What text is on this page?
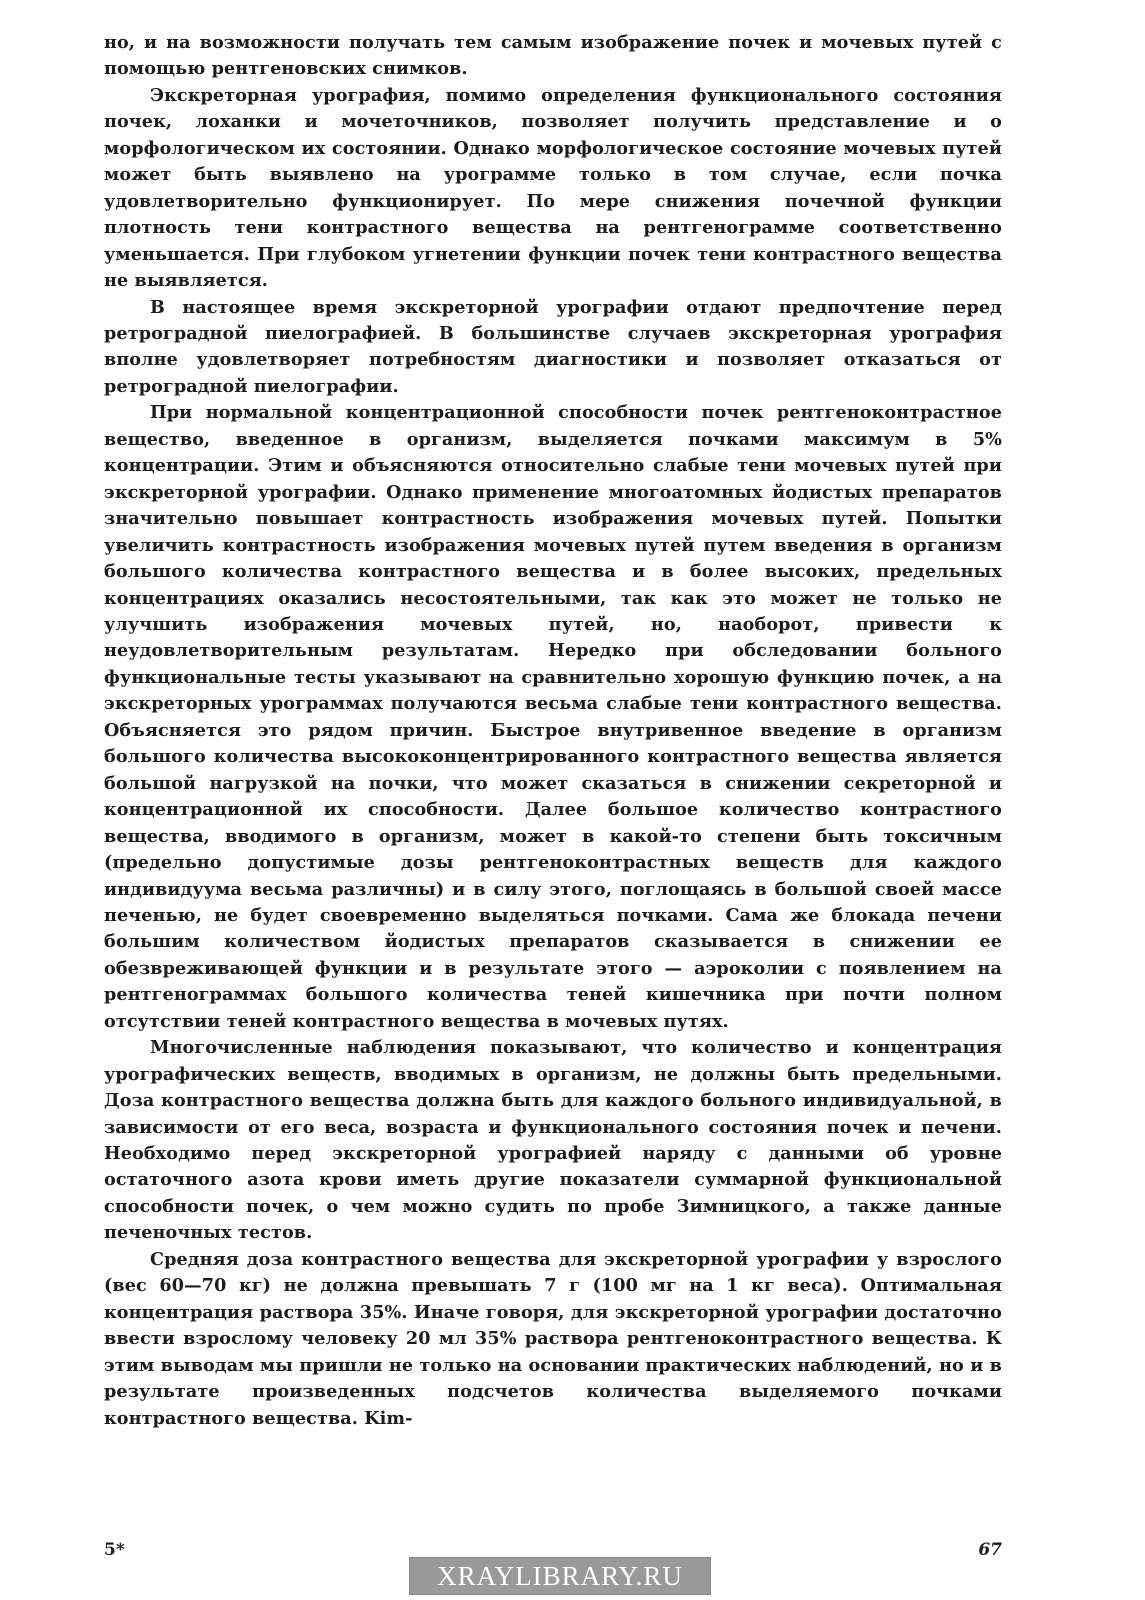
но, и на возможности получать тем самым изображение почек и мочевых путей с помощью рентгеновских снимков.

Экскреторная урография, помимо определения функционального состояния почек, лоханки и мочеточников, позволяет получить представление и о морфологическом их состоянии. Однако морфологическое состояние мочевых путей может быть выявлено на урограмме только в том случае, если почка удовлетворительно функционирует. По мере снижения почечной функции плотность тени контрастного вещества на рентгенограмме соответственно уменьшается. При глубоком угнетении функции почек тени контрастного вещества не выявляется.

В настоящее время экскреторной урографии отдают предпочтение перед ретроградной пиелографией. В большинстве случаев экскреторная урография вполне удовлетворяет потребностям диагностики и позволяет отказаться от ретроградной пиелографии.

При нормальной концентрационной способности почек рентгеноконтрастное вещество, введенное в организм, выделяется почками максимум в 5% концентрации. Этим и объясняются относительно слабые тени мочевых путей при экскреторной урографии. Однако применение многоатомных йодистых препаратов значительно повышает контрастность изображения мочевых путей. Попытки увеличить контрастность изображения мочевых путей путем введения в организм большого количества контрастного вещества и в более высоких, предельных концентрациях оказались несостоятельными, так как это может не только не улучшить изображения мочевых путей, но, наоборот, привести к неудовлетворительным результатам. Нередко при обследовании больного функциональные тесты указывают на сравнительно хорошую функцию почек, а на экскреторных урограммах получаются весьма слабые тени контрастного вещества. Объясняется это рядом причин. Быстрое внутривенное введение в организм большого количества высококонцентрированного контрастного вещества является большой нагрузкой на почки, что может сказаться в снижении секреторной и концентрационной их способности. Далее большое количество контрастного вещества, вводимого в организм, может в какой-то степени быть токсичным (предельно допустимые дозы рентгеноконтрастных веществ для каждого индивидуума весьма различны) и в силу этого, поглощаясь в большой своей массе печенью, не будет своевременно выделяться почками. Сама же блокада печени большим количеством йодистых препаратов сказывается в снижении ее обезвреживающей функции и в результате этого — аэроколии с появлением на рентгенограммах большого количества теней кишечника при почти полном отсутствии теней контрастного вещества в мочевых путях.

Многочисленные наблюдения показывают, что количество и концентрация урографических веществ, вводимых в организм, не должны быть предельными. Доза контрастного вещества должна быть для каждого больного индивидуальной, в зависимости от его веса, возраста и функционального состояния почек и печени. Необходимо перед экскреторной урографией наряду с данными об уровне остаточного азота крови иметь другие показатели суммарной функциональной способности почек, о чем можно судить по пробе Зимницкого, а также данные печеночных тестов.

Средняя доза контрастного вещества для экскреторной урографии у взрослого (вес 60—70 кг) не должна превышать 7 г (100 мг на 1 кг веса). Оптимальная концентрация раствора 35%. Иначе говоря, для экскреторной урографии достаточно ввести взрослому человеку 20 мл 35% раствора рентгеноконтрастного вещества. К этим выводам мы пришли не только на основании практических наблюдений, но и в результате произведенных подсчетов количества выделяемого почками контрастного вещества. Kim-

5*	67
XRAYLIBRARY.RU
